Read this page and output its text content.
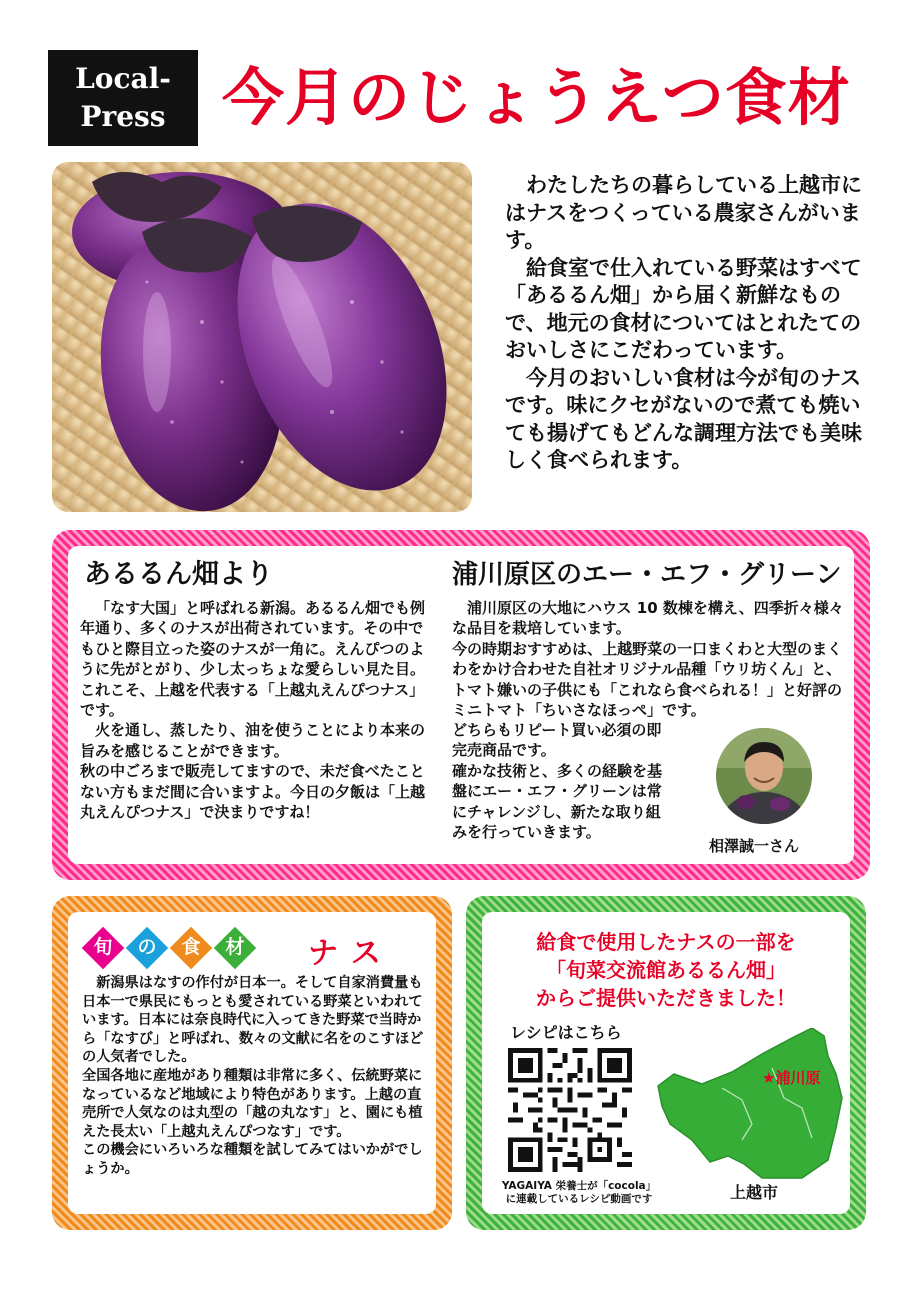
Local-
Press 今月のじょうえつ食材

わたしたちの暮らしている上越市にはナスをつくっている農家さんがいます。

給食室で仕入れている野菜はすべて「あるるん畑」から届く新鮮なもので、地元の食材についてはとれたてのおいしさにこだわっています。

今月のおいしい食材は今が旬のナスです。味にクセがないので煮ても焼いても揚げてもどんな調理方法でも美味しく食べられます。

あるるん畑より

「なす大国」と呼ばれる新潟。あるるん畑でも例年通り、多くのナスが出荷されています。その中でもひと際目立った姿のナスが一角に。えんぴつのように先がとがり、少し太っちょな愛らしい見た目。これこそ、上越を代表する「上越丸えんぴつナス」です。

火を通し、蒸したり、油を使うことにより本来の旨みを感じることができます。

秋の中ごろまで販売してますので、未だ食べたことない方もまだ間に合いますよ。今日の夕飯は「上越丸えんぴつナス」で決まりですね！

浦川原区のエー・エフ・グリーン

浦川原区の大地にハウス 10 数棟を構え、四季折々様々な品目を栽培しています。

今の時期おすすめは、上越野菜の一口まくわと大型のまくわをかけ合わせた自社オリジナル品種「ウリ坊くん」と、トマト嫌いの子供にも「これなら食べられる！」と好評のミニトマト「ちいさなほっぺ」です。

どちらもリピート買い必須の即完売商品です。

確かな技術と、多くの経験を基盤にエー・エフ・グリーンは常にチャレンジし、新たな取り組みを行っていきます。

相澤誠一さん
旬	の	食	材	ナス

新潟県はなすの作付が日本一。そして自家消費量も日本一で県民にもっとも愛されている野菜といわれています。日本には奈良時代に入ってきた野菜で当時から「なすび」と呼ばれ、数々の文献に名をのこすほどの人気者でした。

全国各地に産地があり種類は非常に多く、伝統野菜になっているなど地域により特色があります。上越の直売所で人気なのは丸型の「越の丸なす」と、園にも植えた長太い「上越丸えんぴつなす」です。

この機会にいろいろな種類を試してみてはいかがでしょうか。

給食で使用したナスの一部を
「旬菜交流館あるるん畑」
からご提供いただきました！
レシピはこちら
YAGAIYA 栄養士が「cocola」
に連載しているレシピ動画です
★浦川原
上越市
